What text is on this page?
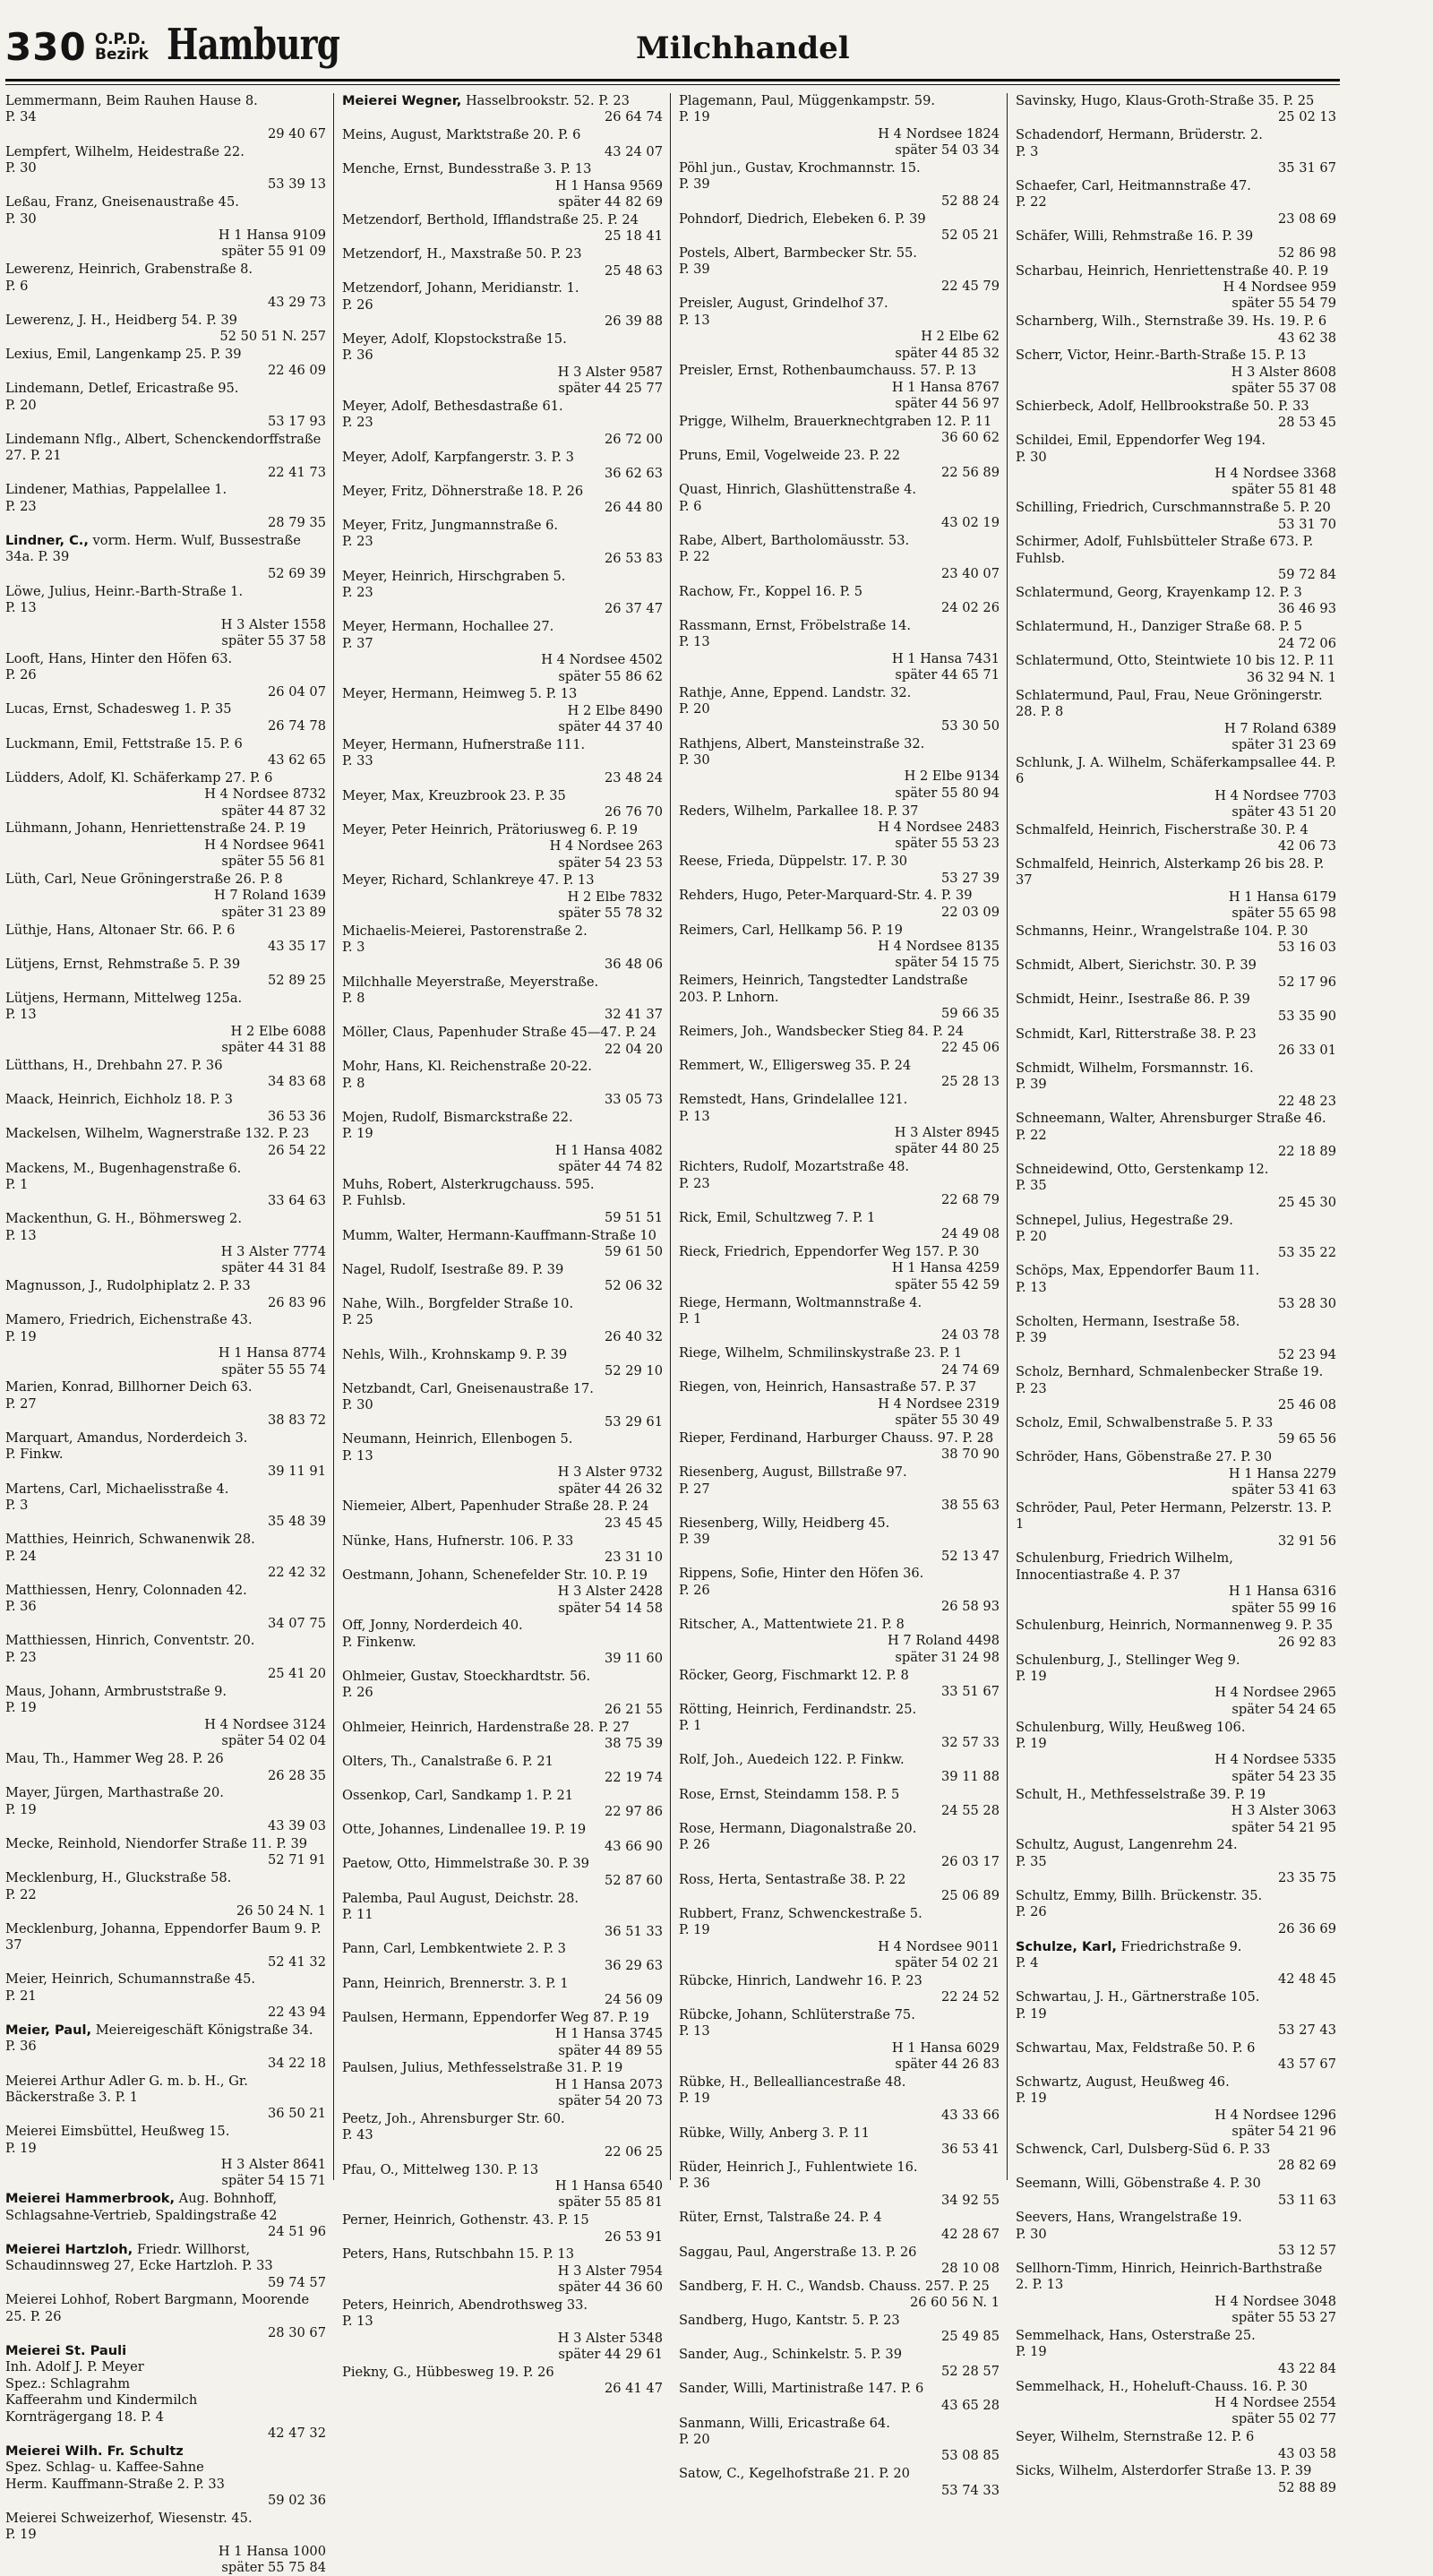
330 O.P.D.
Bezirk Hamburg	Milchhandel
Lemmermann, Beim Rauhen Hause 8.
P. 34
29 40 67
Lempfert, Wilhelm, Heidestraße 22.
P. 30
53 39 13
Leßau, Franz, Gneisenaustraße 45.
P. 30
H 1 Hansa 9109
später 55 91 09
Lewerenz, Heinrich, Grabenstraße 8.
P. 6
43 29 73
Lewerenz, J. H., Heidberg 54. P. 39
52 50 51 N. 257
Lexius, Emil, Langenkamp 25. P. 39
22 46 09
Lindemann, Detlef, Ericastraße 95.
P. 20
53 17 93
Lindemann Nflg., Albert, Schenckendorffstraße 27. P. 21
22 41 73
Lindener, Mathias, Pappelallee 1.
P. 23
28 79 35
Lindner, C., vorm. Herm. Wulf, Bussestraße 34a. P. 39
52 69 39
Löwe, Julius, Heinr.-Barth-Straße 1.
P. 13
H 3 Alster 1558
später 55 37 58
Looft, Hans, Hinter den Höfen 63.
P. 26
26 04 07
Lucas, Ernst, Schadesweg 1. P. 35
26 74 78
Luckmann, Emil, Fettstraße 15. P. 6
43 62 65
Lüdders, Adolf, Kl. Schäferkamp 27. P. 6
H 4 Nordsee 8732
später 44 87 32
Lühmann, Johann, Henriettenstraße 24. P. 19
H 4 Nordsee 9641
später 55 56 81
Lüth, Carl, Neue Gröningerstraße 26. P. 8
H 7 Roland 1639
später 31 23 89
Lüthje, Hans, Altonaer Str. 66. P. 6
43 35 17
Lütjens, Ernst, Rehmstraße 5. P. 39
52 89 25
Lütjens, Hermann, Mittelweg 125a.
P. 13
H 2 Elbe 6088
später 44 31 88
Lütthans, H., Drehbahn 27. P. 36
34 83 68
Maack, Heinrich, Eichholz 18. P. 3
36 53 36
Mackelsen, Wilhelm, Wagnerstraße 132. P. 23
26 54 22
Mackens, M., Bugenhagenstraße 6.
P. 1
33 64 63
Mackenthun, G. H., Böhmersweg 2.
P. 13
H 3 Alster 7774
später 44 31 84
Magnusson, J., Rudolphiplatz 2. P. 33
26 83 96
Mamero, Friedrich, Eichenstraße 43.
P. 19
H 1 Hansa 8774
später 55 55 74
Marien, Konrad, Billhorner Deich 63.
P. 27
38 83 72
Marquart, Amandus, Norderdeich 3.
P. Finkw.
39 11 91
Martens, Carl, Michaelisstraße 4.
P. 3
35 48 39
Matthies, Heinrich, Schwanenwik 28.
P. 24
22 42 32
Matthiessen, Henry, Colonnaden 42.
P. 36
34 07 75
Matthiessen, Hinrich, Conventstr. 20.
P. 23
25 41 20
Maus, Johann, Armbruststraße 9.
P. 19
H 4 Nordsee 3124
später 54 02 04
Mau, Th., Hammer Weg 28. P. 26
26 28 35
Mayer, Jürgen, Marthastraße 20.
P. 19
43 39 03
Mecke, Reinhold, Niendorfer Straße 11. P. 39
52 71 91
Mecklenburg, H., Gluckstraße 58.
P. 22
26 50 24 N. 1
Mecklenburg, Johanna, Eppendorfer Baum 9. P. 37
52 41 32
Meier, Heinrich, Schumannstraße 45.
P. 21
22 43 94
Meier, Paul, Meiereigeschäft Königstraße 34. P. 36
34 22 18
Meierei Arthur Adler G. m. b. H., Gr. Bäckerstraße 3. P. 1
36 50 21
Meierei Eimsbüttel, Heußweg 15.
P. 19
H 3 Alster 8641
später 54 15 71
Meierei Hammerbrook, Aug. Bohnhoff, Schlagsahne-Vertrieb, Spaldingstraße 42
24 51 96
Meierei Hartzloh, Friedr. Willhorst, Schaudinnsweg 27, Ecke Hartzloh. P. 33
59 74 57
Meierei Lohhof, Robert Bargmann, Moorende 25. P. 26
28 30 67
Meierei St. Pauli
Inh. Adolf J. P. Meyer
Spez.: Schlagrahm
Kaffeerahm und Kindermilch
Kornträgergang 18. P. 4
42 47 32
Meierei Wilh. Fr. Schultz
Spez. Schlag- u. Kaffee-Sahne
Herm. Kauffmann-Straße 2. P. 33
59 02 36
Meierei Schweizerhof, Wiesenstr. 45.
P. 19
H 1 Hansa 1000
später 55 75 84
Meierei Wegner, Hasselbrookstr. 52. P. 23
26 64 74
Meins, August, Marktstraße 20. P. 6
43 24 07
Menche, Ernst, Bundesstraße 3. P. 13
H 1 Hansa 9569
später 44 82 69
Metzendorf, Berthold, Ifflandstraße 25. P. 24
25 18 41
Metzendorf, H., Maxstraße 50. P. 23
25 48 63
Metzendorf, Johann, Meridianstr. 1.
P. 26
26 39 88
Meyer, Adolf, Klopstockstraße 15.
P. 36
H 3 Alster 9587
später 44 25 77
Meyer, Adolf, Bethesdastraße 61.
P. 23
26 72 00
Meyer, Adolf, Karpfangerstr. 3. P. 3
36 62 63
Meyer, Fritz, Döhnerstraße 18. P. 26
26 44 80
Meyer, Fritz, Jungmannstraße 6.
P. 23
26 53 83
Meyer, Heinrich, Hirschgraben 5.
P. 23
26 37 47
Meyer, Hermann, Hochallee 27.
P. 37
H 4 Nordsee 4502
später 55 86 62
Meyer, Hermann, Heimweg 5. P. 13
H 2 Elbe 8490
später 44 37 40
Meyer, Hermann, Hufnerstraße 111.
P. 33
23 48 24
Meyer, Max, Kreuzbrook 23. P. 35
26 76 70
Meyer, Peter Heinrich, Prätoriusweg 6. P. 19
H 4 Nordsee 263
später 54 23 53
Meyer, Richard, Schlankreye 47. P. 13
H 2 Elbe 7832
später 55 78 32
Michaelis-Meierei, Pastorenstraße 2.
P. 3
36 48 06
Milchhalle Meyerstraße, Meyerstraße.
P. 8
32 41 37
Möller, Claus, Papenhuder Straße 45—47. P. 24
22 04 20
Mohr, Hans, Kl. Reichenstraße 20-22.
P. 8
33 05 73
Mojen, Rudolf, Bismarckstraße 22.
P. 19
H 1 Hansa 4082
später 44 74 82
Muhs, Robert, Alsterkrugchauss. 595.
P. Fuhlsb.
59 51 51
Mumm, Walter, Hermann-Kauffmann-Straße 10
59 61 50
Nagel, Rudolf, Isestraße 89. P. 39
52 06 32
Nahe, Wilh., Borgfelder Straße 10.
P. 25
26 40 32
Nehls, Wilh., Krohnskamp 9. P. 39
52 29 10
Netzbandt, Carl, Gneisenaustraße 17.
P. 30
53 29 61
Neumann, Heinrich, Ellenbogen 5.
P. 13
H 3 Alster 9732
später 44 26 32
Niemeier, Albert, Papenhuder Straße 28. P. 24
23 45 45
Nünke, Hans, Hufnerstr. 106. P. 33
23 31 10
Oestmann, Johann, Schenefelder Str. 10. P. 19
H 3 Alster 2428
später 54 14 58
Off, Jonny, Norderdeich 40.
P. Finkenw.
39 11 60
Ohlmeier, Gustav, Stoeckhardtstr. 56.
P. 26
26 21 55
Ohlmeier, Heinrich, Hardenstraße 28. P. 27
38 75 39
Olters, Th., Canalstraße 6. P. 21
22 19 74
Ossenkop, Carl, Sandkamp 1. P. 21
22 97 86
Otte, Johannes, Lindenallee 19. P. 19
43 66 90
Paetow, Otto, Himmelstraße 30. P. 39
52 87 60
Palemba, Paul August, Deichstr. 28.
P. 11
36 51 33
Pann, Carl, Lembkentwiete 2. P. 3
36 29 63
Pann, Heinrich, Brennerstr. 3. P. 1
24 56 09
Paulsen, Hermann, Eppendorfer Weg 87. P. 19
H 1 Hansa 3745
später 44 89 55
Paulsen, Julius, Methfesselstraße 31. P. 19
H 1 Hansa 2073
später 54 20 73
Peetz, Joh., Ahrensburger Str. 60.
P. 43
22 06 25
Pfau, O., Mittelweg 130. P. 13
H 1 Hansa 6540
später 55 85 81
Perner, Heinrich, Gothenstr. 43. P. 15
26 53 91
Peters, Hans, Rutschbahn 15. P. 13
H 3 Alster 7954
später 44 36 60
Peters, Heinrich, Abendrothsweg 33.
P. 13
H 3 Alster 5348
später 44 29 61
Piekny, G., Hübbesweg 19. P. 26
26 41 47
Plagemann, Paul, Müggenkampstr. 59.
P. 19
H 4 Nordsee 1824
später 54 03 34
Pöhl jun., Gustav, Krochmannstr. 15.
P. 39
52 88 24
Pohndorf, Diedrich, Elebeken 6. P. 39
52 05 21
Postels, Albert, Barmbecker Str. 55.
P. 39
22 45 79
Preisler, August, Grindelhof 37.
P. 13
H 2 Elbe 62
später 44 85 32
Preisler, Ernst, Rothenbaumchauss. 57. P. 13
H 1 Hansa 8767
später 44 56 97
Prigge, Wilhelm, Brauerknechtgraben 12. P. 11
36 60 62
Pruns, Emil, Vogelweide 23. P. 22
22 56 89
Quast, Hinrich, Glashüttenstraße 4.
P. 6
43 02 19
Rabe, Albert, Bartholomäusstr. 53.
P. 22
23 40 07
Rachow, Fr., Koppel 16. P. 5
24 02 26
Rassmann, Ernst, Fröbelstraße 14.
P. 13
H 1 Hansa 7431
später 44 65 71
Rathje, Anne, Eppend. Landstr. 32.
P. 20
53 30 50
Rathjens, Albert, Mansteinstraße 32.
P. 30
H 2 Elbe 9134
später 55 80 94
Reders, Wilhelm, Parkallee 18. P. 37
H 4 Nordsee 2483
später 55 53 23
Reese, Frieda, Düppelstr. 17. P. 30
53 27 39
Rehders, Hugo, Peter-Marquard-Str. 4. P. 39
22 03 09
Reimers, Carl, Hellkamp 56. P. 19
H 4 Nordsee 8135
später 54 15 75
Reimers, Heinrich, Tangstedter Landstraße 203. P. Lnhorn.
59 66 35
Reimers, Joh., Wandsbecker Stieg 84. P. 24
22 45 06
Remmert, W., Elligersweg 35. P. 24
25 28 13
Remstedt, Hans, Grindelallee 121.
P. 13
H 3 Alster 8945
später 44 80 25
Richters, Rudolf, Mozartstraße 48.
P. 23
22 68 79
Rick, Emil, Schultzweg 7. P. 1
24 49 08
Rieck, Friedrich, Eppendorfer Weg 157. P. 30
H 1 Hansa 4259
später 55 42 59
Riege, Hermann, Woltmannstraße 4.
P. 1
24 03 78
Riege, Wilhelm, Schmilinskystraße 23. P. 1
24 74 69
Riegen, von, Heinrich, Hansastraße 57. P. 37
H 4 Nordsee 2319
später 55 30 49
Rieper, Ferdinand, Harburger Chauss. 97. P. 28
38 70 90
Riesenberg, August, Billstraße 97.
P. 27
38 55 63
Riesenberg, Willy, Heidberg 45.
P. 39
52 13 47
Rippens, Sofie, Hinter den Höfen 36.
P. 26
26 58 93
Ritscher, A., Mattentwiete 21. P. 8
H 7 Roland 4498
später 31 24 98
Röcker, Georg, Fischmarkt 12. P. 8
33 51 67
Rötting, Heinrich, Ferdinandstr. 25.
P. 1
32 57 33
Rolf, Joh., Auedeich 122. P. Finkw.
39 11 88
Rose, Ernst, Steindamm 158. P. 5
24 55 28
Rose, Hermann, Diagonalstraße 20.
P. 26
26 03 17
Ross, Herta, Sentastraße 38. P. 22
25 06 89
Rubbert, Franz, Schwenckestraße 5.
P. 19
H 4 Nordsee 9011
später 54 02 21
Rübcke, Hinrich, Landwehr 16. P. 23
22 24 52
Rübcke, Johann, Schlüterstraße 75.
P. 13
H 1 Hansa 6029
später 44 26 83
Rübke, H., Bellealliancestraße 48.
P. 19
43 33 66
Rübke, Willy, Anberg 3. P. 11
36 53 41
Rüder, Heinrich J., Fuhlentwiete 16.
P. 36
34 92 55
Rüter, Ernst, Talstraße 24. P. 4
42 28 67
Saggau, Paul, Angerstraße 13. P. 26
28 10 08
Sandberg, F. H. C., Wandsb. Chauss. 257. P. 25
26 60 56 N. 1
Sandberg, Hugo, Kantstr. 5. P. 23
25 49 85
Sander, Aug., Schinkelstr. 5. P. 39
52 28 57
Sander, Willi, Martinistraße 147. P. 6
43 65 28
Sanmann, Willi, Ericastraße 64.
P. 20
53 08 85
Satow, C., Kegelhofstraße 21. P. 20
53 74 33
Savinsky, Hugo, Klaus-Groth-Straße 35. P. 25
25 02 13
Schadendorf, Hermann, Brüderstr. 2.
P. 3
35 31 67
Schaefer, Carl, Heitmannstraße 47.
P. 22
23 08 69
Schäfer, Willi, Rehmstraße 16. P. 39
52 86 98
Scharbau, Heinrich, Henriettenstraße 40. P. 19
H 4 Nordsee 959
später 55 54 79
Scharnberg, Wilh., Sternstraße 39. Hs. 19. P. 6
43 62 38
Scherr, Victor, Heinr.-Barth-Straße 15. P. 13
H 3 Alster 8608
später 55 37 08
Schierbeck, Adolf, Hellbrookstraße 50. P. 33
28 53 45
Schildei, Emil, Eppendorfer Weg 194.
P. 30
H 4 Nordsee 3368
später 55 81 48
Schilling, Friedrich, Curschmannstraße 5. P. 20
53 31 70
Schirmer, Adolf, Fuhlsbütteler Straße 673. P. Fuhlsb.
59 72 84
Schlatermund, Georg, Krayenkamp 12. P. 3
36 46 93
Schlatermund, H., Danziger Straße 68. P. 5
24 72 06
Schlatermund, Otto, Steintwiete 10 bis 12. P. 11
36 32 94 N. 1
Schlatermund, Paul, Frau, Neue Gröningerstr. 28. P. 8
H 7 Roland 6389
später 31 23 69
Schlunk, J. A. Wilhelm, Schäferkampsallee 44. P. 6
H 4 Nordsee 7703
später 43 51 20
Schmalfeld, Heinrich, Fischerstraße 30. P. 4
42 06 73
Schmalfeld, Heinrich, Alsterkamp 26 bis 28. P. 37
H 1 Hansa 6179
später 55 65 98
Schmanns, Heinr., Wrangelstraße 104. P. 30
53 16 03
Schmidt, Albert, Sierichstr. 30. P. 39
52 17 96
Schmidt, Heinr., Isestraße 86. P. 39
53 35 90
Schmidt, Karl, Ritterstraße 38. P. 23
26 33 01
Schmidt, Wilhelm, Forsmannstr. 16.
P. 39
22 48 23
Schneemann, Walter, Ahrensburger Straße 46. P. 22
22 18 89
Schneidewind, Otto, Gerstenkamp 12.
P. 35
25 45 30
Schnepel, Julius, Hegestraße 29.
P. 20
53 35 22
Schöps, Max, Eppendorfer Baum 11.
P. 13
53 28 30
Scholten, Hermann, Isestraße 58.
P. 39
52 23 94
Scholz, Bernhard, Schmalenbecker Straße 19. P. 23
25 46 08
Scholz, Emil, Schwalbenstraße 5. P. 33
59 65 56
Schröder, Hans, Göbenstraße 27. P. 30
H 1 Hansa 2279
später 53 41 63
Schröder, Paul, Peter Hermann, Pelzerstr. 13. P. 1
32 91 56
Schulenburg, Friedrich Wilhelm, Innocentiastraße 4. P. 37
H 1 Hansa 6316
später 55 99 16
Schulenburg, Heinrich, Normannenweg 9. P. 35
26 92 83
Schulenburg, J., Stellinger Weg 9.
P. 19
H 4 Nordsee 2965
später 54 24 65
Schulenburg, Willy, Heußweg 106.
P. 19
H 4 Nordsee 5335
später 54 23 35
Schult, H., Methfesselstraße 39. P. 19
H 3 Alster 3063
später 54 21 95
Schultz, August, Langenrehm 24.
P. 35
23 35 75
Schultz, Emmy, Billh. Brückenstr. 35.
P. 26
26 36 69
Schulze, Karl, Friedrichstraße 9.
P. 4
42 48 45
Schwartau, J. H., Gärtnerstraße 105.
P. 19
53 27 43
Schwartau, Max, Feldstraße 50. P. 6
43 57 67
Schwartz, August, Heußweg 46.
P. 19
H 4 Nordsee 1296
später 54 21 96
Schwenck, Carl, Dulsberg-Süd 6. P. 33
28 82 69
Seemann, Willi, Göbenstraße 4. P. 30
53 11 63
Seevers, Hans, Wrangelstraße 19.
P. 30
53 12 57
Sellhorn-Timm, Hinrich, Heinrich-Barthstraße 2. P. 13
H 4 Nordsee 3048
später 55 53 27
Semmelhack, Hans, Osterstraße 25.
P. 19
43 22 84
Semmelhack, H., Hoheluft-Chauss. 16. P. 30
H 4 Nordsee 2554
später 55 02 77
Seyer, Wilhelm, Sternstraße 12. P. 6
43 03 58
Sicks, Wilhelm, Alsterdorfer Straße 13. P. 39
52 88 89
